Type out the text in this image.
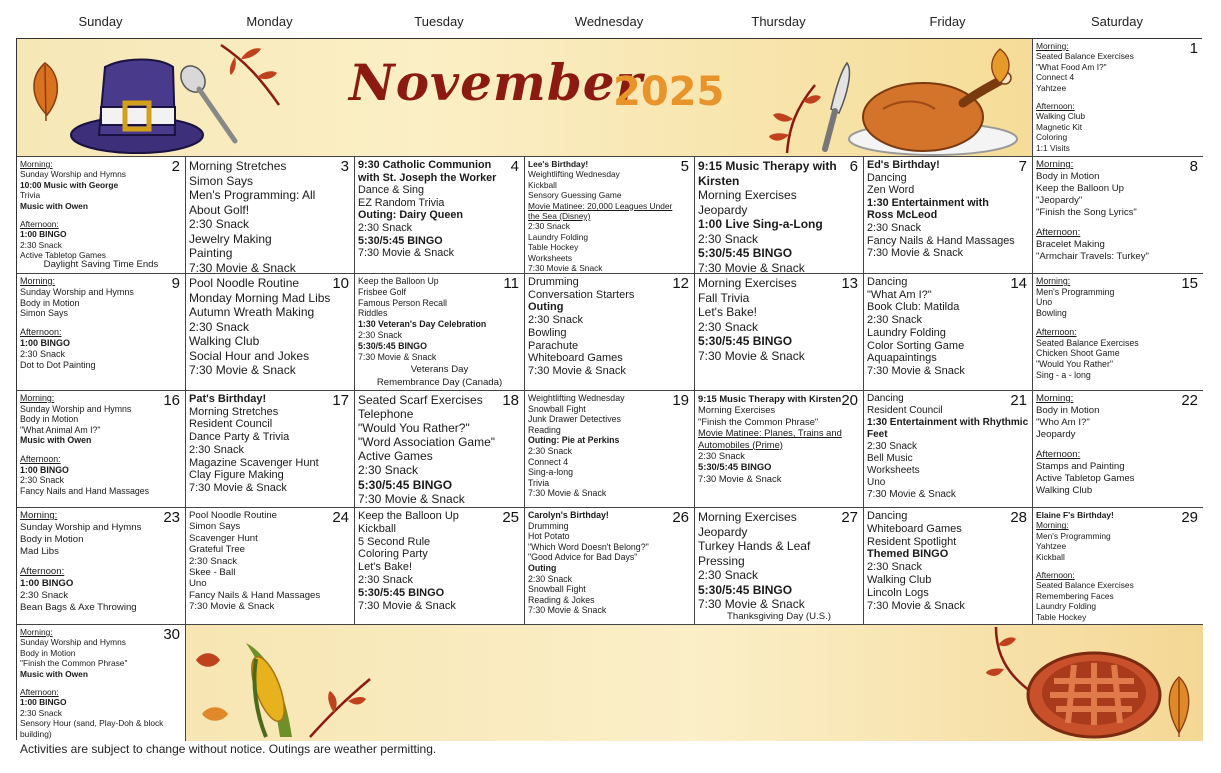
Sunday	Monday	Tuesday	Wednesday	Thursday	Friday	Saturday
November
2025
1
Morning:
Seated Balance Exercises
"What Food Am I?"
Connect 4
Yahtzee
Afternoon:
Walking Club
Magnetic Kit
Coloring
1:1 Visits
2
Morning:
Sunday Worship and Hymns
10:00 Music with George
Trivia
Music with Owen
Afternoon:
1:00 BINGO
2:30 Snack
Active Tabletop Games
Daylight Saving Time Ends
3
Morning Stretches
Simon Says
Men's Programming: All About Golf!
2:30 Snack
Jewelry Making
Painting
7:30 Movie & Snack
4
9:30 Catholic Communion with St. Joseph the Worker
Dance & Sing
EZ Random Trivia
Outing: Dairy Queen
2:30 Snack
5:30/5:45 BINGO
7:30 Movie & Snack
5
Lee's Birthday!
Weightlifting Wednesday
Kickball
Sensory Guessing Game
Movie Matinee: 20,000 Leagues Under the Sea (Disney)
2:30 Snack
Laundry Folding
Table Hockey
Worksheets
7:30 Movie & Snack
6
9:15 Music Therapy with Kirsten
Morning Exercises
Jeopardy
1:00 Live Sing-a-Long
2:30 Snack
5:30/5:45 BINGO
7:30 Movie & Snack
7
Ed's Birthday!
Dancing
Zen Word
1:30 Entertainment with Ross McLeod
2:30 Snack
Fancy Nails & Hand Massages
7:30 Movie & Snack
8
Morning:
Body in Motion
Keep the Balloon Up
"Jeopardy"
"Finish the Song Lyrics"
Afternoon:
Bracelet Making
"Armchair Travels: Turkey"
9
Morning:
Sunday Worship and Hymns
Body in Motion
Simon Says
Afternoon:
1:00 BINGO
2:30 Snack
Dot to Dot Painting
10
Pool Noodle Routine
Monday Morning Mad Libs
Autumn Wreath Making
2:30 Snack
Walking Club
Social Hour and Jokes
7:30 Movie & Snack
11
Keep the Balloon Up
Frisbee Golf
Famous Person Recall
Riddles
1:30 Veteran's Day Celebration
2:30 Snack
5:30/5:45 BINGO
7:30 Movie & Snack
Veterans Day
Remembrance Day (Canada)
12
Drumming
Conversation Starters
Outing
2:30 Snack
Bowling
Parachute
Whiteboard Games
7:30 Movie & Snack
13
Morning Exercises
Fall Trivia
Let's Bake!
2:30 Snack
5:30/5:45 BINGO
7:30 Movie & Snack
14
Dancing
"What Am I?"
Book Club: Matilda
2:30 Snack
Laundry Folding
Color Sorting Game
Aquapaintings
7:30 Movie & Snack
15
Morning:
Men's Programming
Uno
Bowling
Afternoon:
Seated Balance Exercises
Chicken Shoot Game
"Would You Rather"
Sing - a - long
16
Morning:
Sunday Worship and Hymns
Body in Motion
"What Animal Am I?"
Music with Owen
Afternoon:
1:00 BINGO
2:30 Snack
Fancy Nails and Hand Massages
17
Pat's Birthday!
Morning Stretches
Resident Council
Dance Party & Trivia
2:30 Snack
Magazine Scavenger Hunt
Clay Figure Making
7:30 Movie & Snack
18
Seated Scarf Exercises
Telephone
"Would You Rather?"
"Word Association Game"
Active Games
2:30 Snack
5:30/5:45 BINGO
7:30 Movie & Snack
19
Weightlifting Wednesday
Snowball Fight
Junk Drawer Detectives
Reading
Outing: Pie at Perkins
2:30 Snack
Connect 4
Sing-a-long
Trivia
7:30 Movie & Snack
20
9:15 Music Therapy with Kirsten
Morning Exercises
"Finish the Common Phrase"
Movie Matinee: Planes, Trains and Automobiles (Prime)
2:30 Snack
5:30/5:45 BINGO
7:30 Movie & Snack
21
Dancing
Resident Council
1:30 Entertainment with Rhythmic Feet
2:30 Snack
Bell Music
Worksheets
Uno
7:30 Movie & Snack
22
Morning:
Body in Motion
"Who Am I?"
Jeopardy
Afternoon:
Stamps and Painting
Active Tabletop Games
Walking Club
23
Morning:
Sunday Worship and Hymns
Body in Motion
Mad Libs
Afternoon:
1:00 BINGO
2:30 Snack
Bean Bags & Axe Throwing
24
Pool Noodle Routine
Simon Says
Scavenger Hunt
Grateful Tree
2:30 Snack
Skee - Ball
Uno
Fancy Nails & Hand Massages
7:30 Movie & Snack
25
Keep the Balloon Up
Kickball
5 Second Rule
Coloring Party
Let's Bake!
2:30 Snack
5:30/5:45 BINGO
7:30 Movie & Snack
26
Carolyn's Birthday!
Drumming
Hot Potato
"Which Word Doesn't Belong?"
"Good Advice for Bad Days"
Outing
2:30 Snack
Snowball Fight
Reading & Jokes
7:30 Movie & Snack
27
Morning Exercises
Jeopardy
Turkey Hands & Leaf Pressing
2:30 Snack
5:30/5:45 BINGO
7:30 Movie & Snack
Thanksgiving Day (U.S.)
28
Dancing
Whiteboard Games
Resident Spotlight
Themed BINGO
2:30 Snack
Walking Club
Lincoln Logs
7:30 Movie & Snack
29
Elaine F's Birthday!
Morning:
Men's Programming
Yahtzee
Kickball
Afternoon:
Seated Balance Exercises
Remembering Faces
Laundry Folding
Table Hockey
30
Morning:
Sunday Worship and Hymns
Body in Motion
"Finish the Common Phrase"
Music with Owen
Afternoon:
1:00 BINGO
2:30 Snack
Sensory Hour (sand, Play-Doh & block building)
Activities are subject to change without notice. Outings are weather permitting.
